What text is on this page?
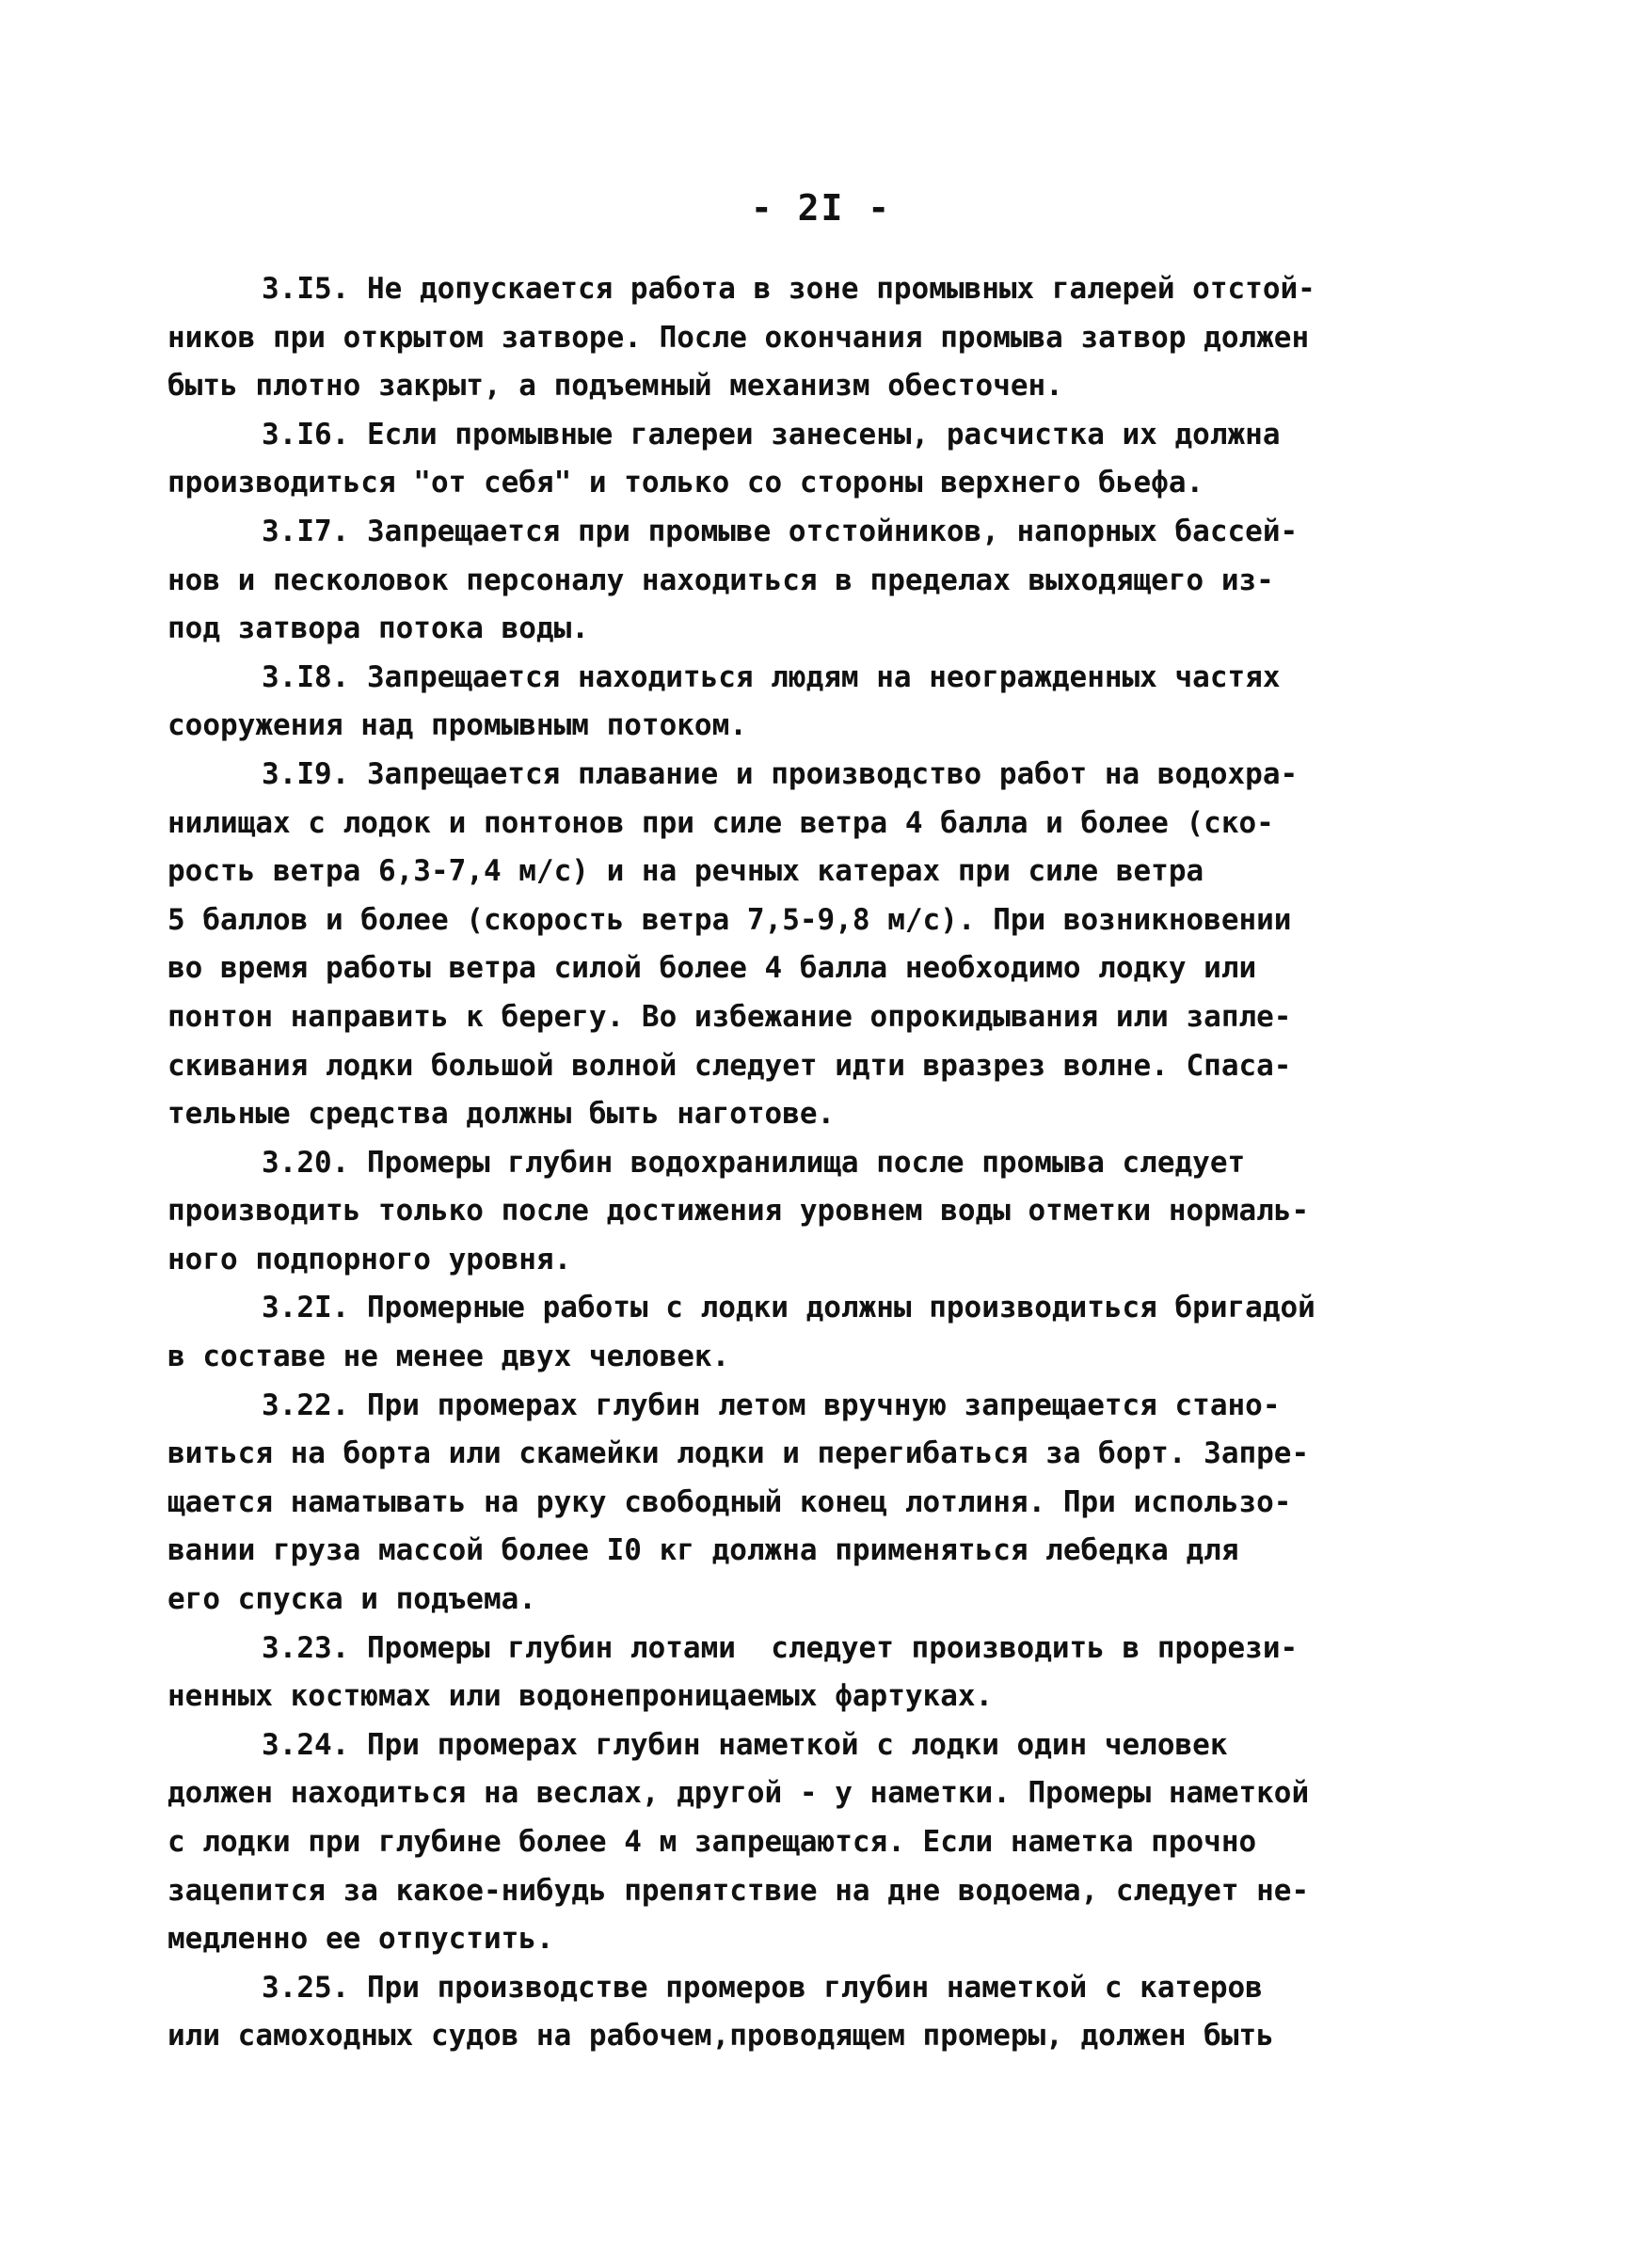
- 2I -
3.I5. Не допускается работа в зоне промывных галерей отстой-
ников при открытом затворе. После окончания промыва затвор должен
быть плотно закрыт, а подъемный механизм обесточен.
3.I6. Если промывные галереи занесены, расчистка их должна
производиться "от себя" и только со стороны верхнего бьефа.
3.I7. Запрещается при промыве отстойников, напорных бассей-
нов и песколовок персоналу находиться в пределах выходящего из-
под затвора потока воды.
3.I8. Запрещается находиться людям на неогражденных частях
сооружения над промывным потоком.
3.I9. Запрещается плавание и производство работ на водохра-
нилищах с лодок и понтонов при силе ветра 4 балла и более (ско-
рость ветра 6,3-7,4 м/с) и на речных катерах при силе ветра
5 баллов и более (скорость ветра 7,5-9,8 м/с). При возникновении
во время работы ветра силой более 4 балла необходимо лодку или
понтон направить к берегу. Во избежание опрокидывания или запле-
скивания лодки большой волной следует идти вразрез волне. Спаса-
тельные средства должны быть наготове.
3.20. Промеры глубин водохранилища после промыва следует
производить только после достижения уровнем воды отметки нормаль-
ного подпорного уровня.
3.2I. Промерные работы с лодки должны производиться бригадой
в составе не менее двух человек.
3.22. При промерах глубин летом вручную запрещается стано-
виться на борта или скамейки лодки и перегибаться за борт. Запре-
щается наматывать на руку свободный конец лотлиня. При использо-
вании груза массой более I0 кг должна применяться лебедка для
его спуска и подъема.
3.23. Промеры глубин лотами  следует производить в прорези-
ненных костюмах или водонепроницаемых фартуках.
3.24. При промерах глубин наметкой с лодки один человек
должен находиться на веслах, другой - у наметки. Промеры наметкой
с лодки при глубине более 4 м запрещаются. Если наметка прочно
зацепится за какое-нибудь препятствие на дне водоема, следует не-
медленно ее отпустить.
3.25. При производстве промеров глубин наметкой с катеров
или самоходных судов на рабочем,проводящем промеры, должен быть
